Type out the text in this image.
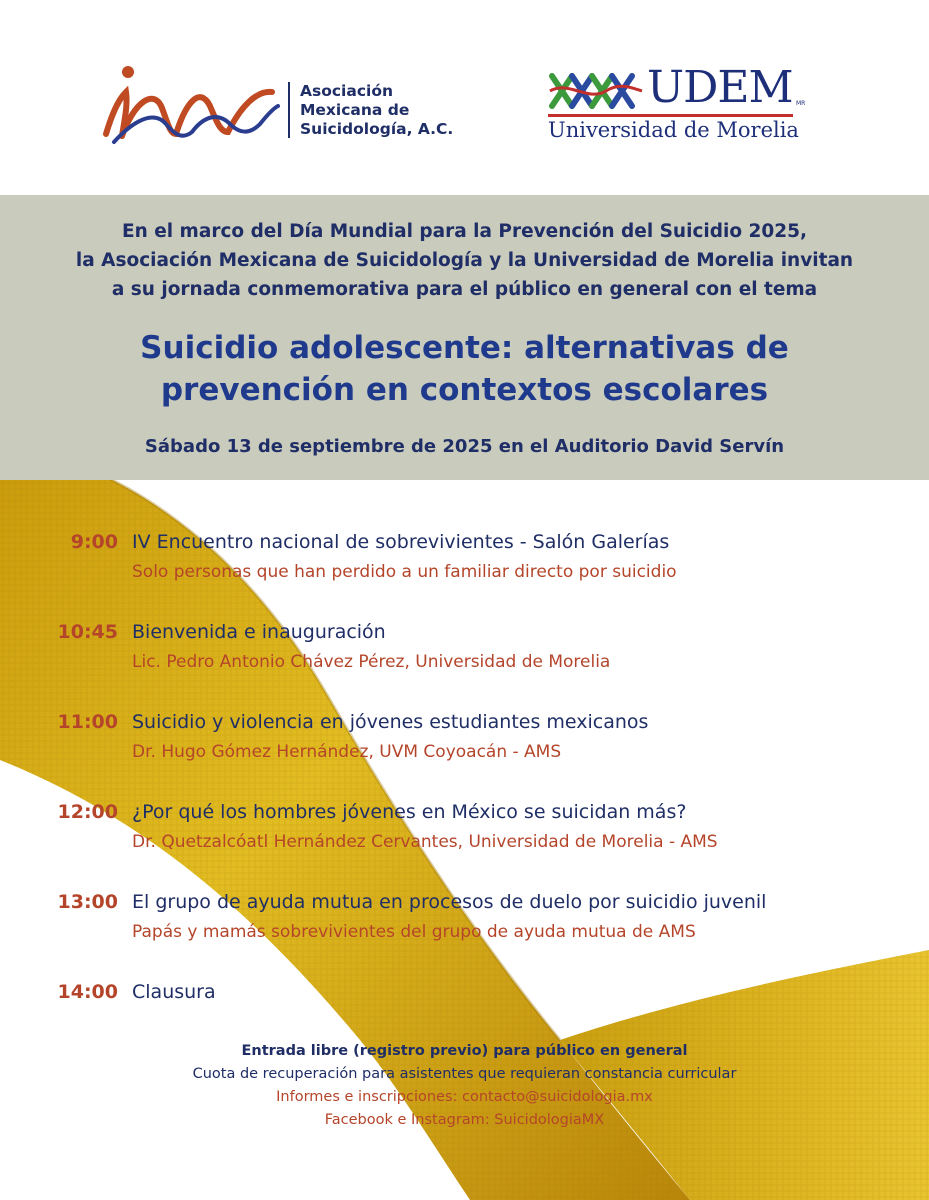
Asociación
Mexicana de
Suicidología, A.C.
UDEM MR
Universidad de Morelia
En el marco del Día Mundial para la Prevención del Suicidio 2025,
la Asociación Mexicana de Suicidología y la Universidad de Morelia invitan
a su jornada conmemorativa para el público en general con el tema
Suicidio adolescente: alternativas de
prevención en contextos escolares
Sábado 13 de septiembre de 2025 en el Auditorio David Servín
9:00 IV Encuentro nacional de sobrevivientes - Salón Galerías
Solo personas que han perdido a un familiar directo por suicidio
10:45 Bienvenida e inauguración
Lic. Pedro Antonio Chávez Pérez, Universidad de Morelia
11:00 Suicidio y violencia en jóvenes estudiantes mexicanos
Dr. Hugo Gómez Hernández, UVM Coyoacán - AMS
12:00 ¿Por qué los hombres jóvenes en México se suicidan más?
Dr. Quetzalcóatl Hernández Cervantes, Universidad de Morelia - AMS
13:00 El grupo de ayuda mutua en procesos de duelo por suicidio juvenil
Papás y mamás sobrevivientes del grupo de ayuda mutua de AMS
14:00 Clausura
Entrada libre (registro previo) para público en general
Cuota de recuperación para asistentes que requieran constancia curricular
Informes e inscripciones: contacto@suicidologia.mx
Facebook e Instagram: SuicidologiaMX
